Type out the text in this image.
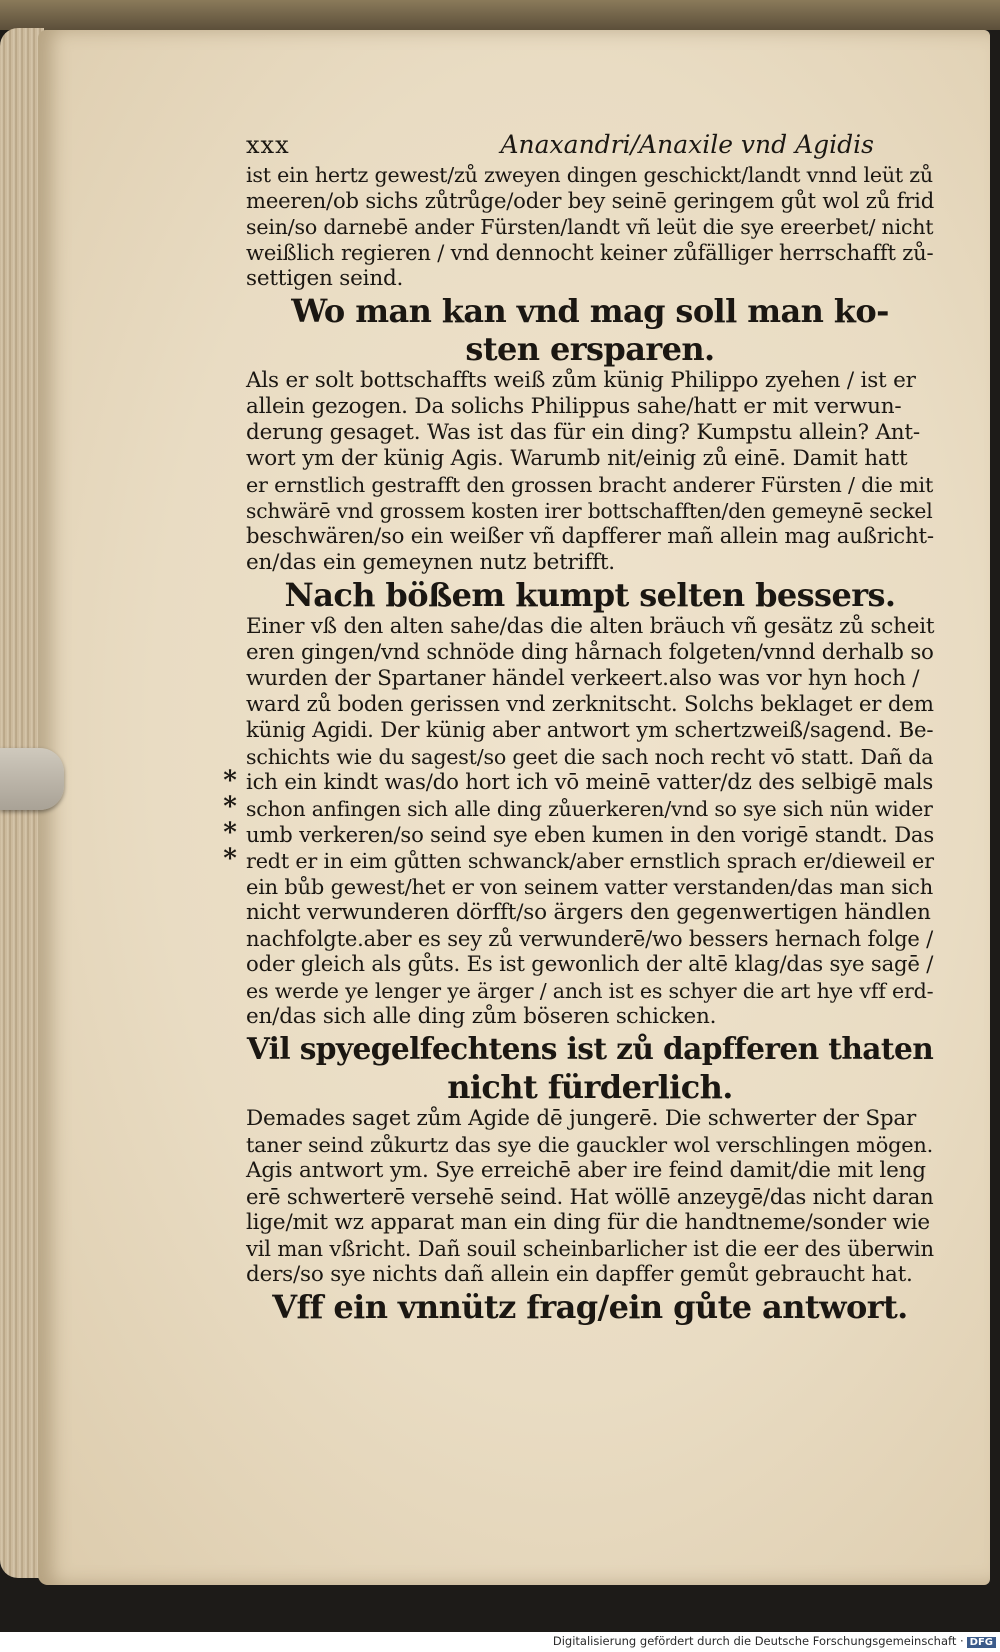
xxx	Anaxandri/Anaxile vnd Agidis
ist ein hertz gewest/zů zweyen dingen geschickt/landt vnnd leüt zů
meeren/ob sichs zůtrůge/oder bey seinē geringem gůt wol zů frid
sein/so darnebē ander Fürsten/landt vñ leüt die sye ereerbet/ nicht
weißlich regieren / vnd dennocht keiner zůfälliger herrschafft zů-
settigen seind.
Wo man kan vnd mag soll man ko-
sten ersparen.
Als er solt bottschaffts weiß zům künig Philippo zyehen / ist er
allein gezogen. Da solichs Philippus sahe/hatt er mit verwun-
derung gesaget. Was ist das für ein ding? Kumpstu allein? Ant-
wort ym der künig Agis. Warumb nit/einig zů einē. Damit hatt
er ernstlich gestrafft den grossen bracht anderer Fürsten / die mit
schwärē vnd grossem kosten irer bottschafften/den gemeynē seckel
beschwären/so ein weißer vñ dapfferer mañ allein mag außricht-
en/das ein gemeynen nutz betrifft.
Nach bößem kumpt selten bessers.
Einer vß den alten sahe/das die alten bräuch vñ gesätz zů scheit
eren gingen/vnd schnöde ding hårnach folgeten/vnnd derhalb so
wurden der Spartaner händel verkeert.also was vor hyn hoch /
ward zů boden gerissen vnd zerknitscht. Solchs beklaget er dem
künig Agidi. Der künig aber antwort ym schertzweiß/sagend. Be-
schichts wie du sagest/so geet die sach noch recht vō statt. Dañ da
ich ein kindt was/do hort ich vō meinē vatter/dz des selbigē mals
schon anfingen sich alle ding zůuerkeren/vnd so sye sich nün wider
umb verkeren/so seind sye eben kumen in den vorigē standt. Das
redt er in eim gůtten schwanck/aber ernstlich sprach er/dieweil er
ein bůb gewest/het er von seinem vatter verstanden/das man sich
nicht verwunderen dörfft/so ärgers den gegenwertigen händlen
nachfolgte.aber es sey zů verwunderē/wo bessers hernach folge /
oder gleich als gůts. Es ist gewonlich der altē klag/das sye sagē /
es werde ye lenger ye ärger / anch ist es schyer die art hye vff erd-
en/das sich alle ding zům böseren schicken.
Vil spyegelfechtens ist zů dapfferen thaten
nicht fürderlich.
Demades saget zům Agide dē jungerē. Die schwerter der Spar
taner seind zůkurtz das sye die gauckler wol verschlingen mögen.
Agis antwort ym. Sye erreichē aber ire feind damit/die mit leng
erē schwerterē versehē seind. Hat wöllē anzeygē/das nicht daran
lige/mit wz apparat man ein ding für die handtneme/sonder wie
vil man vßricht. Dañ souil scheinbarlicher ist die eer des überwin
ders/so sye nichts dañ allein ein dapffer gemůt gebraucht hat.
Vff ein vnnütz frag/ein gůte antwort.
*
*
*
*
Digitalisierung gefördert durch die Deutsche Forschungsgemeinschaft · DFG
